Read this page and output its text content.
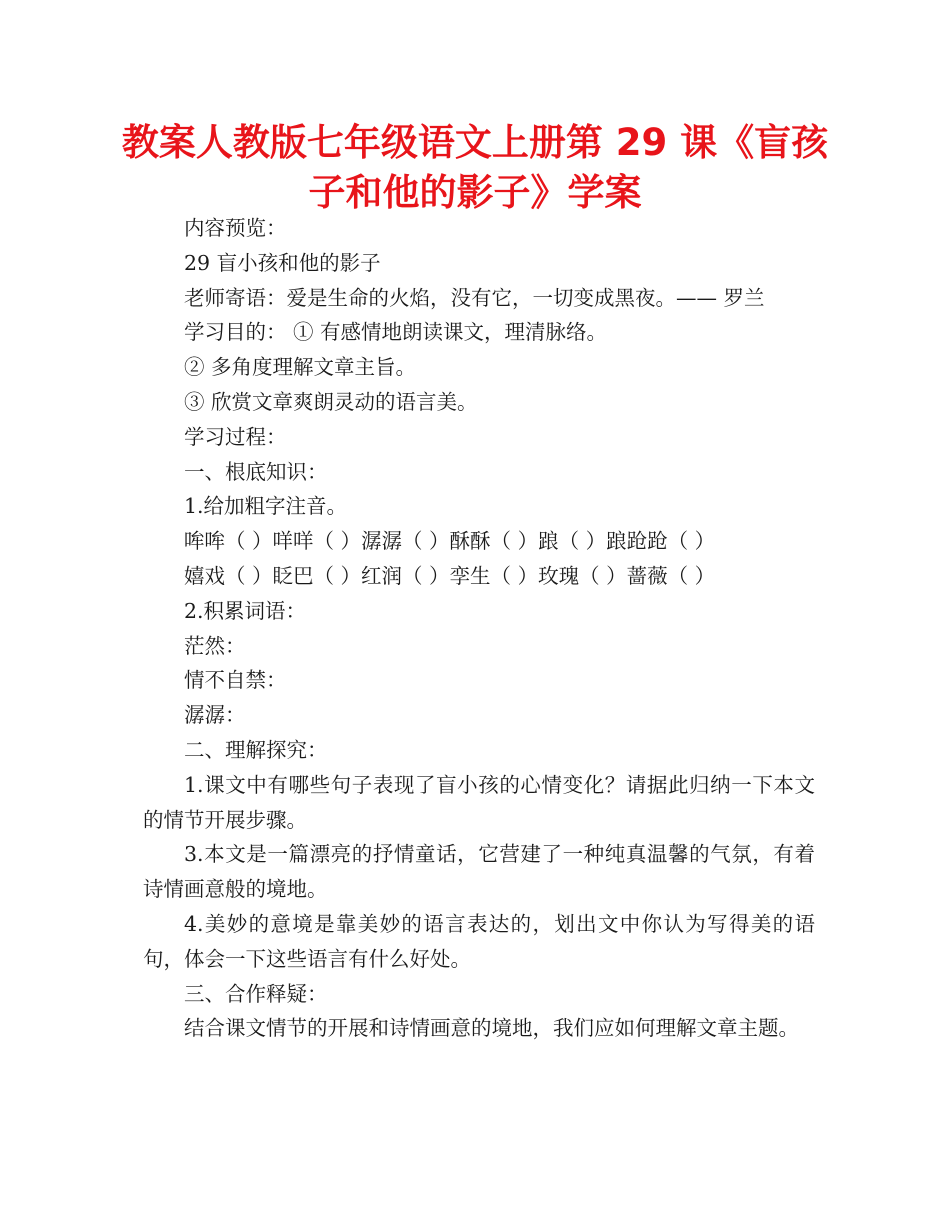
教案人教版七年级语文上册第 29 课《盲孩子和他的影子》学案

内容预览：

29 盲小孩和他的影子

老师寄语：爱是生命的火焰，没有它，一切变成黑夜。—— 罗兰

学习目的： ① 有感情地朗读课文，理清脉络。

② 多角度理解文章主旨。

③ 欣赏文章爽朗灵动的语言美。

学习过程：

一、根底知识：

1.给加粗字注音。

哞哞（ ）咩咩（ ）潺潺（ ）酥酥（ ）踉（ ）踉跄跄（ ）

嬉戏（ ）眨巴（ ）红润（ ）孪生（ ）玫瑰（ ）蔷薇（ ）

2.积累词语：

茫然：

情不自禁：

潺潺：

二、理解探究：

1.课文中有哪些句子表现了盲小孩的心情变化？请据此归纳一下本文的情节开展步骤。

3.本文是一篇漂亮的抒情童话，它营建了一种纯真温馨的气氛，有着诗情画意般的境地。

4.美妙的意境是靠美妙的语言表达的，划出文中你认为写得美的语句，体会一下这些语言有什么好处。

三、合作释疑：

结合课文情节的开展和诗情画意的境地，我们应如何理解文章主题。
